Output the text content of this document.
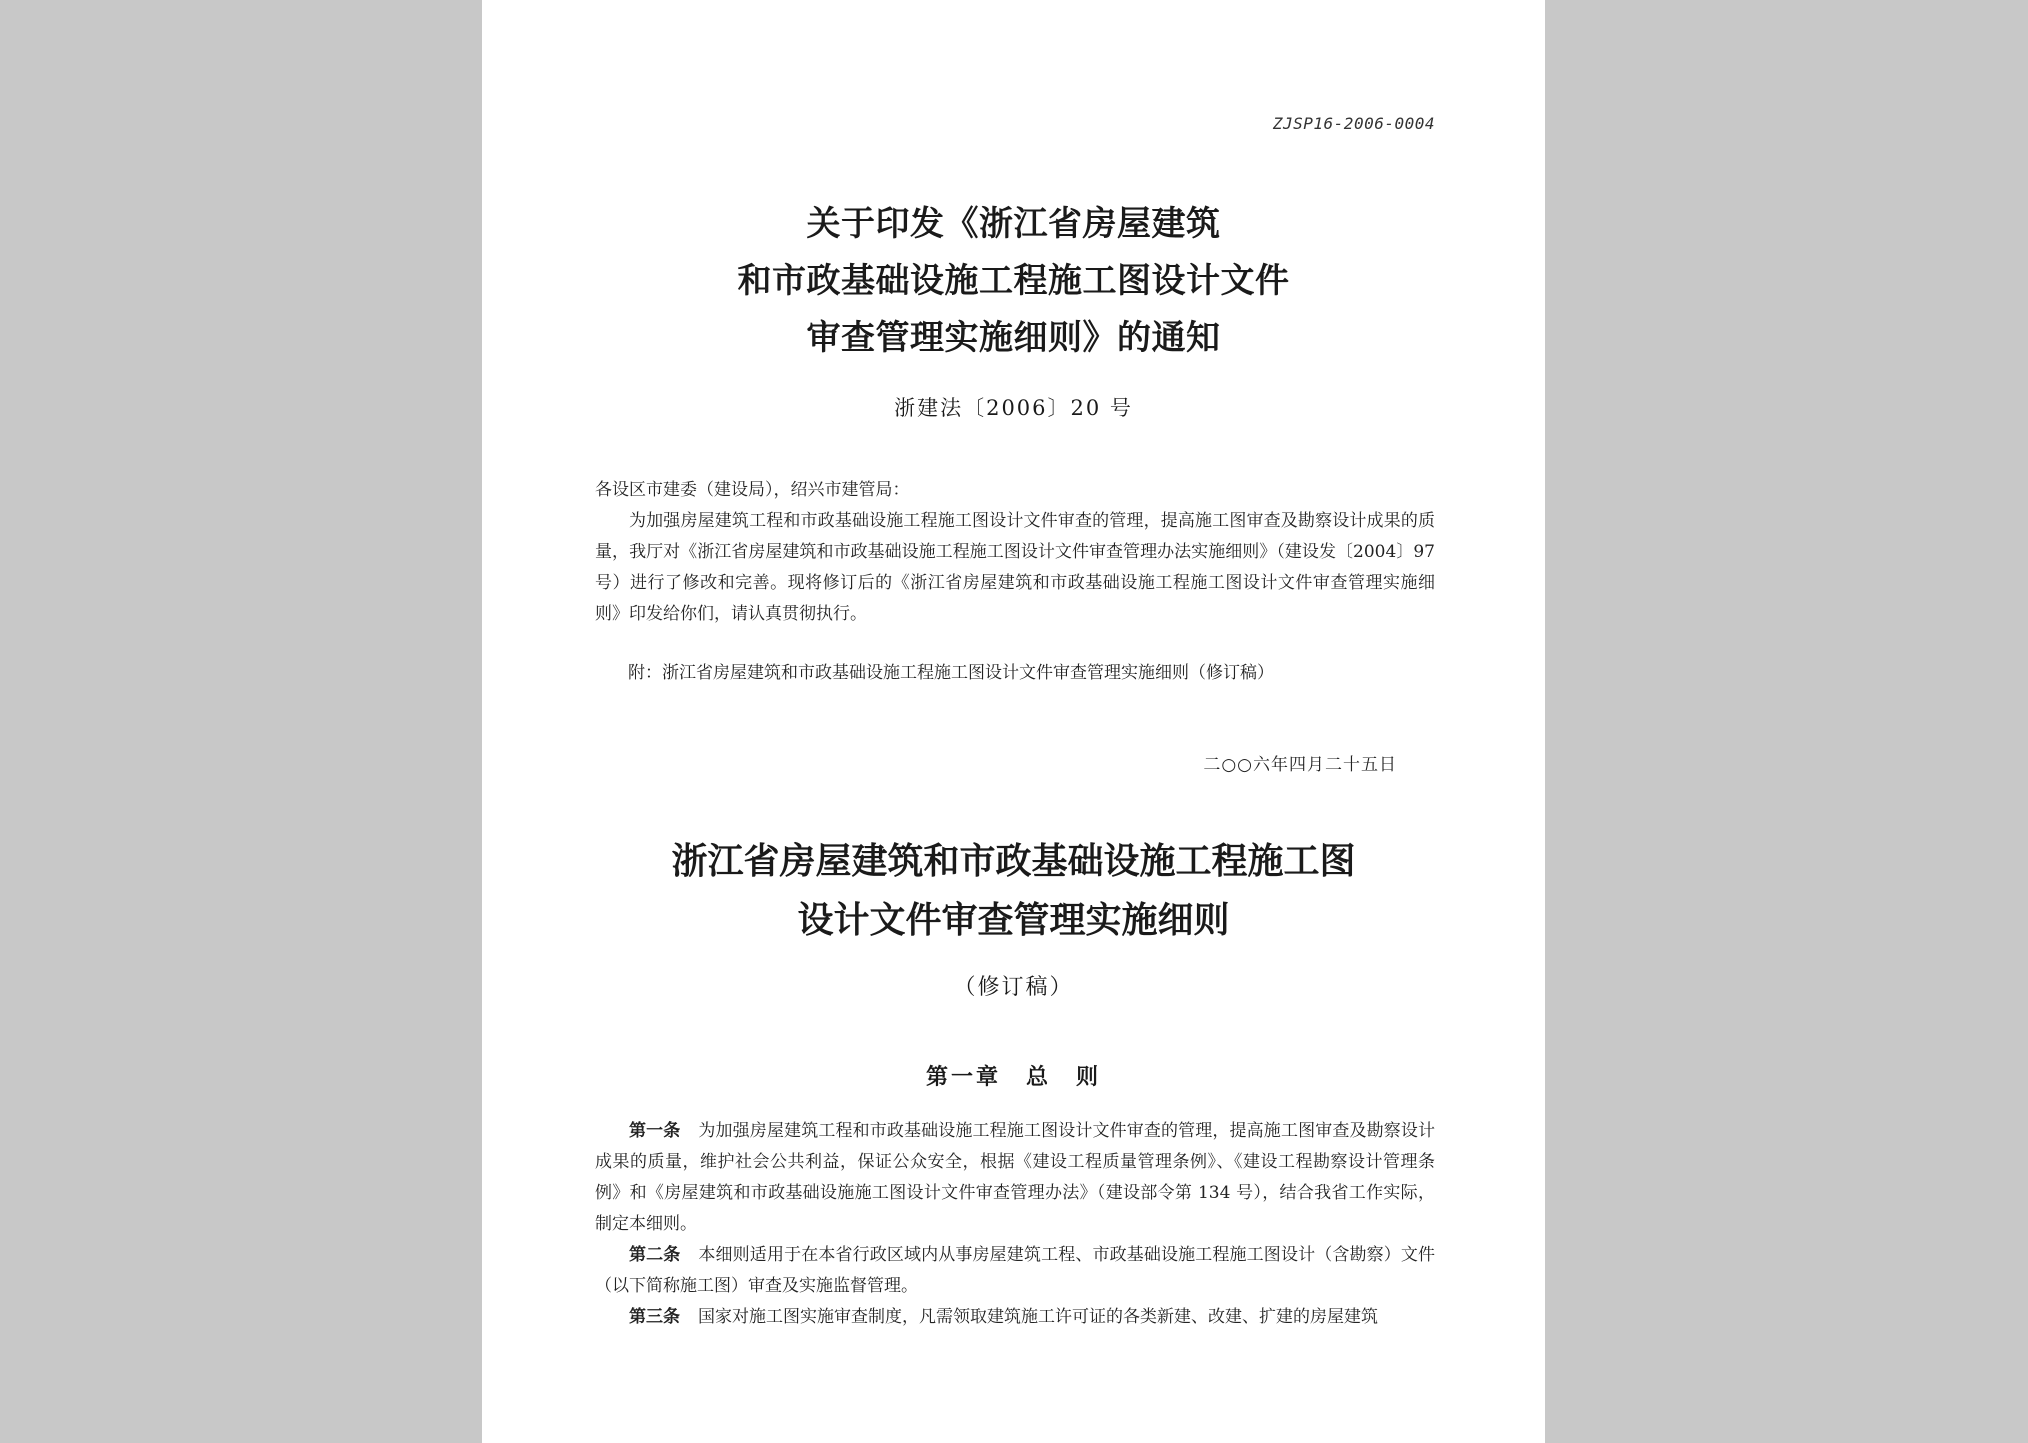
ZJSP16-2006-0004
关于印发《浙江省房屋建筑
和市政基础设施工程施工图设计文件
审查管理实施细则》的通知
浙建法〔2006〕20 号
各设区市建委（建设局），绍兴市建管局：
为加强房屋建筑工程和市政基础设施工程施工图设计文件审查的管理，提高施工图审查及勘察设计成果的质量，我厅对《浙江省房屋建筑和市政基础设施工程施工图设计文件审查管理办法实施细则》（建设发〔2004〕97 号）进行了修改和完善。现将修订后的《浙江省房屋建筑和市政基础设施工程施工图设计文件审查管理实施细则》印发给你们，请认真贯彻执行。
附：浙江省房屋建筑和市政基础设施工程施工图设计文件审查管理实施细则（修订稿）
二○○六年四月二十五日
浙江省房屋建筑和市政基础设施工程施工图
设计文件审查管理实施细则
（修订稿）
第一章　总　则
第一条 为加强房屋建筑工程和市政基础设施工程施工图设计文件审查的管理，提高施工图审查及勘察设计成果的质量，维护社会公共利益，保证公众安全，根据《建设工程质量管理条例》、《建设工程勘察设计管理条例》和《房屋建筑和市政基础设施施工图设计文件审查管理办法》（建设部令第 134 号），结合我省工作实际，制定本细则。
第二条 本细则适用于在本省行政区域内从事房屋建筑工程、市政基础设施工程施工图设计（含勘察）文件（以下简称施工图）审查及实施监督管理。
第三条 国家对施工图实施审查制度，凡需领取建筑施工许可证的各类新建、改建、扩建的房屋建筑
